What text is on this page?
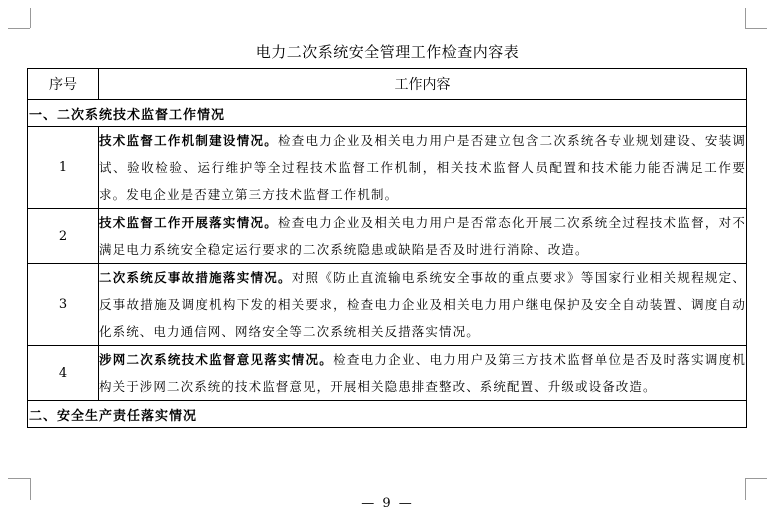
电力二次系统安全管理工作检查内容表
序号	工作内容
一、二次系统技术监督工作情况	
1	技术监督工作机制建设情况。检查电力企业及相关电力用户是否建立包含二次系统各专业规划建设、安装调试、验收检验、运行维护等全过程技术监督工作机制，相关技术监督人员配置和技术能力能否满足工作要求。发电企业是否建立第三方技术监督工作机制。
2	技术监督工作开展落实情况。检查电力企业及相关电力用户是否常态化开展二次系统全过程技术监督，对不满足电力系统安全稳定运行要求的二次系统隐患或缺陷是否及时进行消除、改造。
3	二次系统反事故措施落实情况。对照《防止直流输电系统安全事故的重点要求》等国家行业相关规程规定、反事故措施及调度机构下发的相关要求，检查电力企业及相关电力用户继电保护及安全自动装置、调度自动化系统、电力通信网、网络安全等二次系统相关反措落实情况。
4	涉网二次系统技术监督意见落实情况。检查电力企业、电力用户及第三方技术监督单位是否及时落实调度机构关于涉网二次系统的技术监督意见，开展相关隐患排查整改、系统配置、升级或设备改造。
二、安全生产责任落实情况	
— 9 —
